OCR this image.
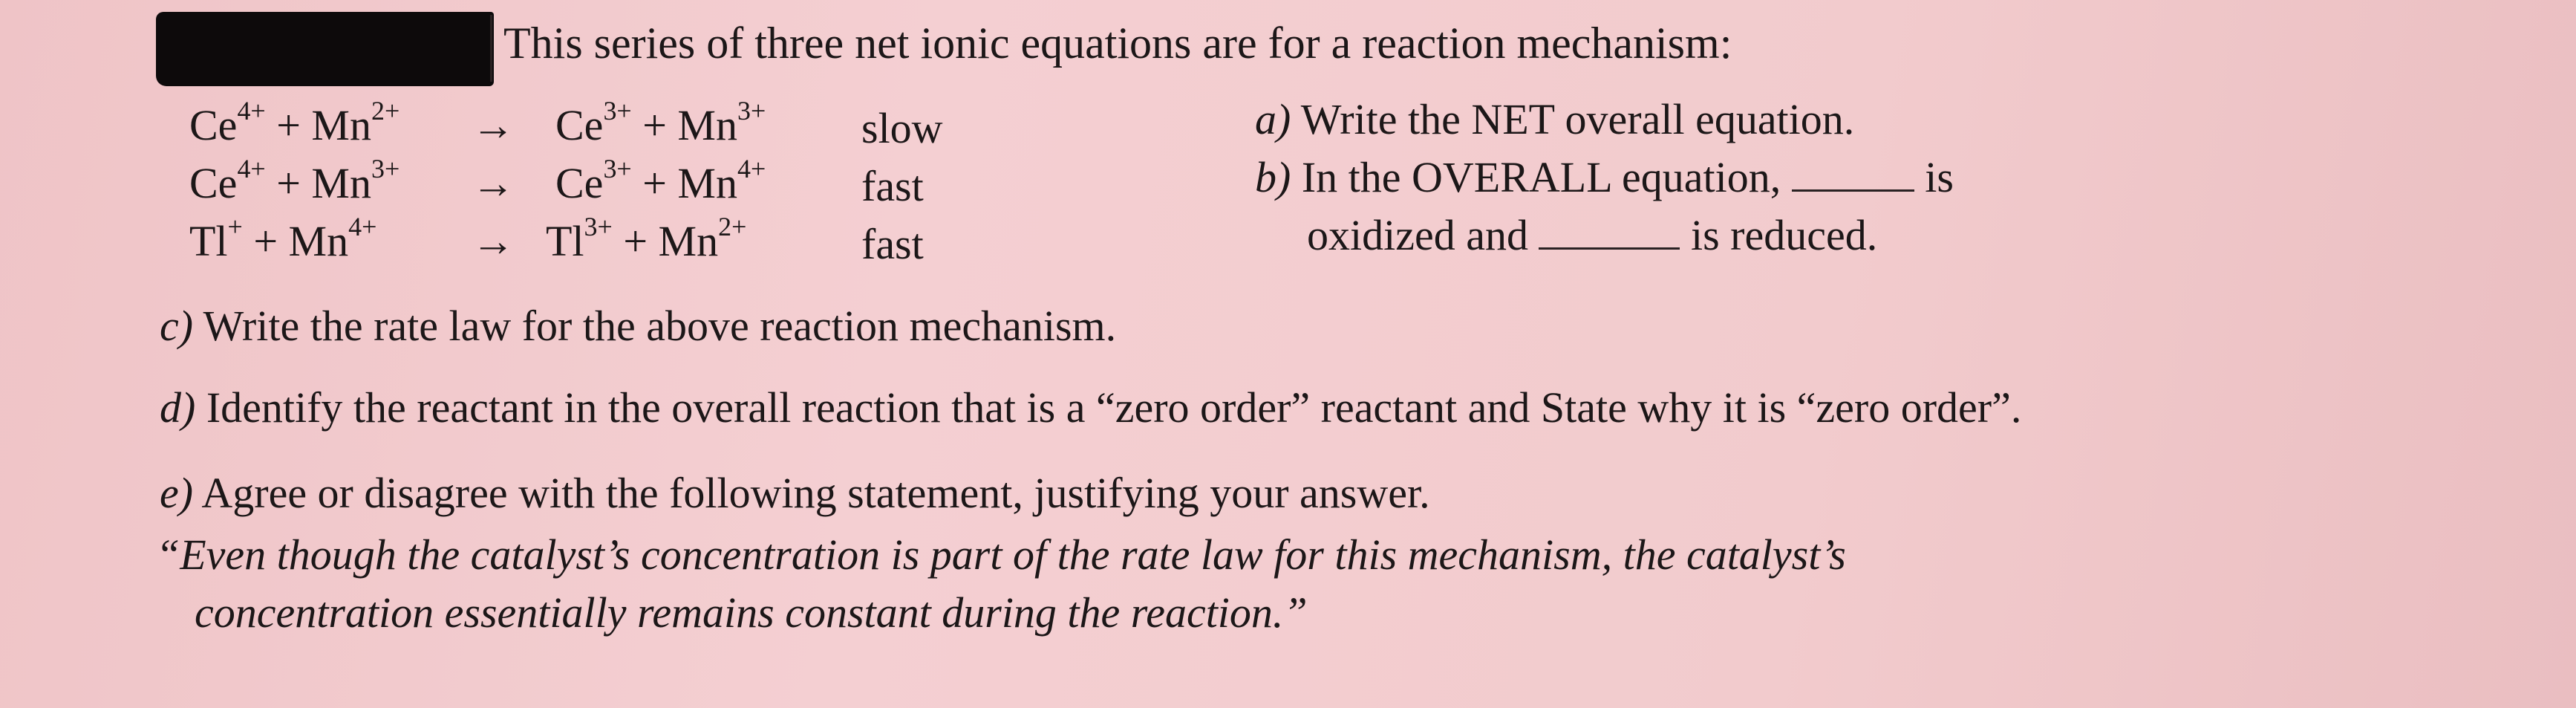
This series of three net ionic equations are for a reaction mechanism:
$Ce^{4+} + Mn^{2+} \to Ce^{3+} + Mn^{3+}$ slow
$Ce^{4+} + Mn^{3+} \to Ce^{3+} + Mn^{4+}$ fast
$Tl^+ + Mn^{4+} \to Tl^{3+} + Mn^{2+}$	fast
a) Write the NET overall equation.
b) In the OVERALL equation,	is
oxidized and	is reduced.
c) Write the rate law for the above reaction mechanism.
d) Identify the reactant in the overall reaction that is a “zero order” reactant and State why it is “zero order”.
e) Agree or disagree with the following statement, justifying your answer.
“Even though the catalyst’s concentration is part of the rate law for this mechanism, the catalyst’s
concentration essentially remains constant during the reaction.”
